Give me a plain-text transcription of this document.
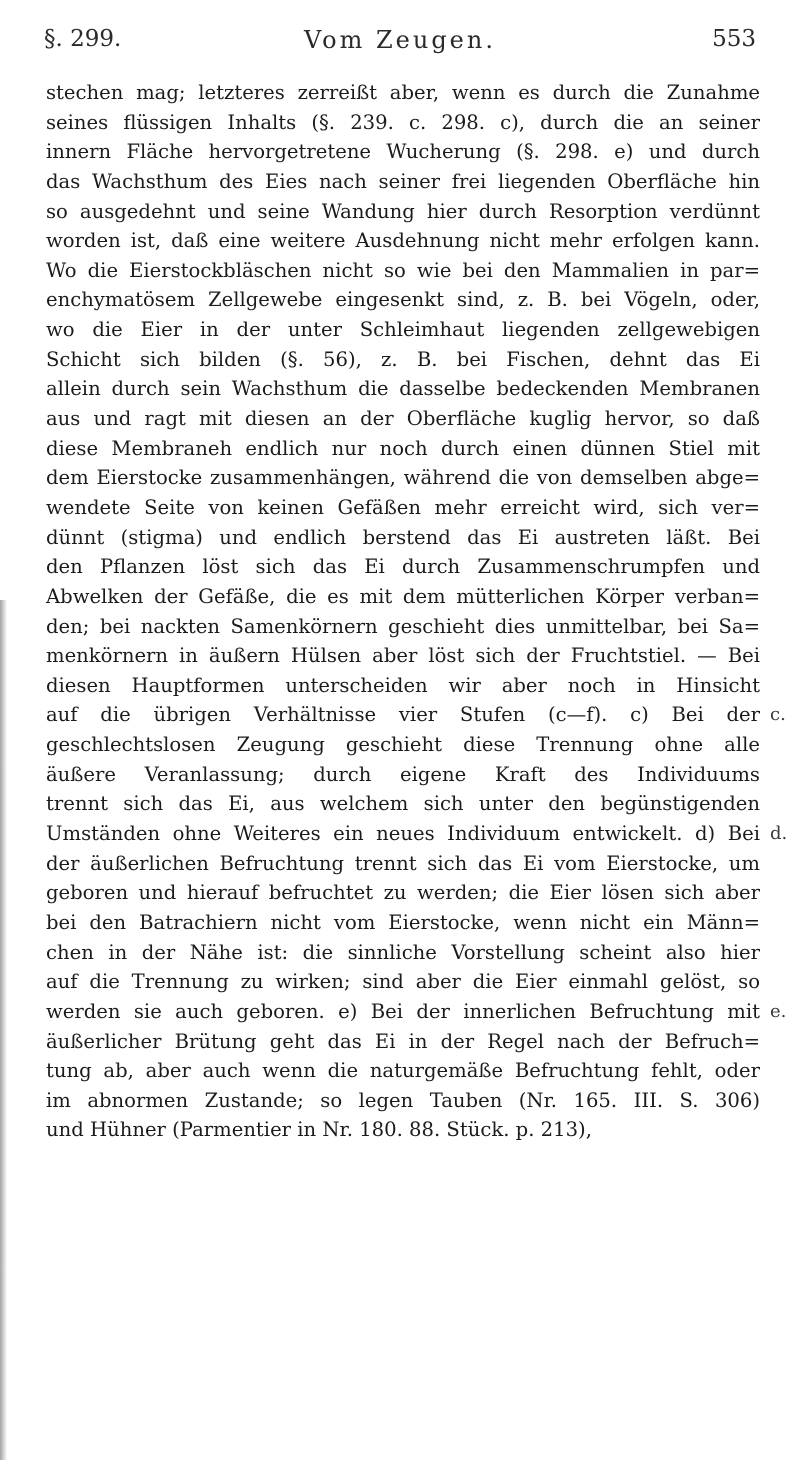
Vom Zeugen.
§. 299.	553
stechen mag; letzteres zerreißt aber, wenn es durch die Zunahme
seines flüssigen Inhalts (§. 239. c. 298. c), durch die an seiner
innern Fläche hervorgetretene Wucherung (§. 298. e) und durch
das Wachsthum des Eies nach seiner frei liegenden Oberfläche hin
so ausgedehnt und seine Wandung hier durch Resorption verdünnt
worden ist, daß eine weitere Ausdehnung nicht mehr erfolgen kann.
Wo die Eierstockbläschen nicht so wie bei den Mammalien in par=
enchymatösem Zellgewebe eingesenkt sind, z. B. bei Vögeln, oder,
wo die Eier in der unter Schleimhaut liegenden zellgewebigen
Schicht sich bilden (§. 56), z. B. bei Fischen, dehnt das Ei
allein durch sein Wachsthum die dasselbe bedeckenden Membranen
aus und ragt mit diesen an der Oberfläche kuglig hervor, so daß
diese Membraneh endlich nur noch durch einen dünnen Stiel mit
dem Eierstocke zusammenhängen, während die von demselben abge=
wendete Seite von keinen Gefäßen mehr erreicht wird, sich ver=
dünnt (stigma) und endlich berstend das Ei austreten läßt. Bei
den Pflanzen löst sich das Ei durch Zusammenschrumpfen und
Abwelken der Gefäße, die es mit dem mütterlichen Körper verban=
den; bei nackten Samenkörnern geschieht dies unmittelbar, bei Sa=
menkörnern in äußern Hülsen aber löst sich der Fruchtstiel. — Bei
diesen Hauptformen unterscheiden wir aber noch in Hinsicht
auf die übrigen Verhältnisse vier Stufen (c—f). c) Bei der c.
geschlechtslosen Zeugung geschieht diese Trennung ohne alle
äußere Veranlassung; durch eigene Kraft des Individuums
trennt sich das Ei, aus welchem sich unter den begünstigenden
Umständen ohne Weiteres ein neues Individuum entwickelt. d) Bei d.
der äußerlichen Befruchtung trennt sich das Ei vom Eierstocke, um
geboren und hierauf befruchtet zu werden; die Eier lösen sich aber
bei den Batrachiern nicht vom Eierstocke, wenn nicht ein Männ=
chen in der Nähe ist: die sinnliche Vorstellung scheint also hier
auf die Trennung zu wirken; sind aber die Eier einmahl gelöst, so
werden sie auch geboren. e) Bei der innerlichen Befruchtung mit e.
äußerlicher Brütung geht das Ei in der Regel nach der Befruch=
tung ab, aber auch wenn die naturgemäße Befruchtung fehlt, oder
im abnormen Zustande; so legen Tauben (Nr. 165. III. S. 306)
und Hühner (Parmentier in Nr. 180. 88. Stück. p. 213),
